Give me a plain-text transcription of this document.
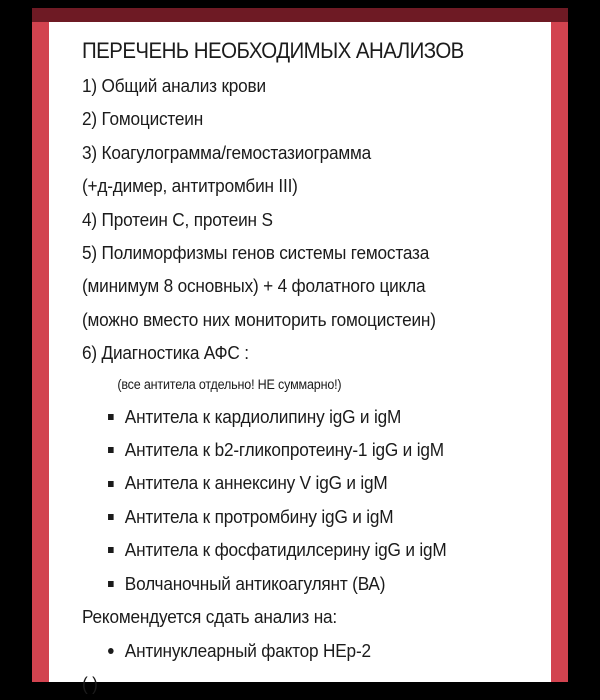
ПЕРЕЧЕНЬ НЕОБХОДИМЫХ АНАЛИЗОВ
1) Общий анализ крови
2) Гомоцистеин
3) Коагулограмма/гемостазиограмма
(+д-димер, антитромбин III)
4) Протеин С, протеин S
5) Полиморфизмы генов системы гемостаза
(минимум 8 основных) + 4 фолатного цикла
(можно вместо них мониторить гомоцистеин)
6) Диагностика АФС :
(все антитела отдельно! НЕ суммарно!)
Антитела к кардиолипину igG и igM
Антитела к b2-гликопротеину-1 igG и igM
Антитела к аннексину V igG и igM
Антитела к протромбину igG и igM
Антитела к фосфатидилсерину igG и igM
Волчаночный антикоагулянт (ВА)
Рекомендуется сдать анализ на:
Антинуклеарный фактор НЕр-2
( )
